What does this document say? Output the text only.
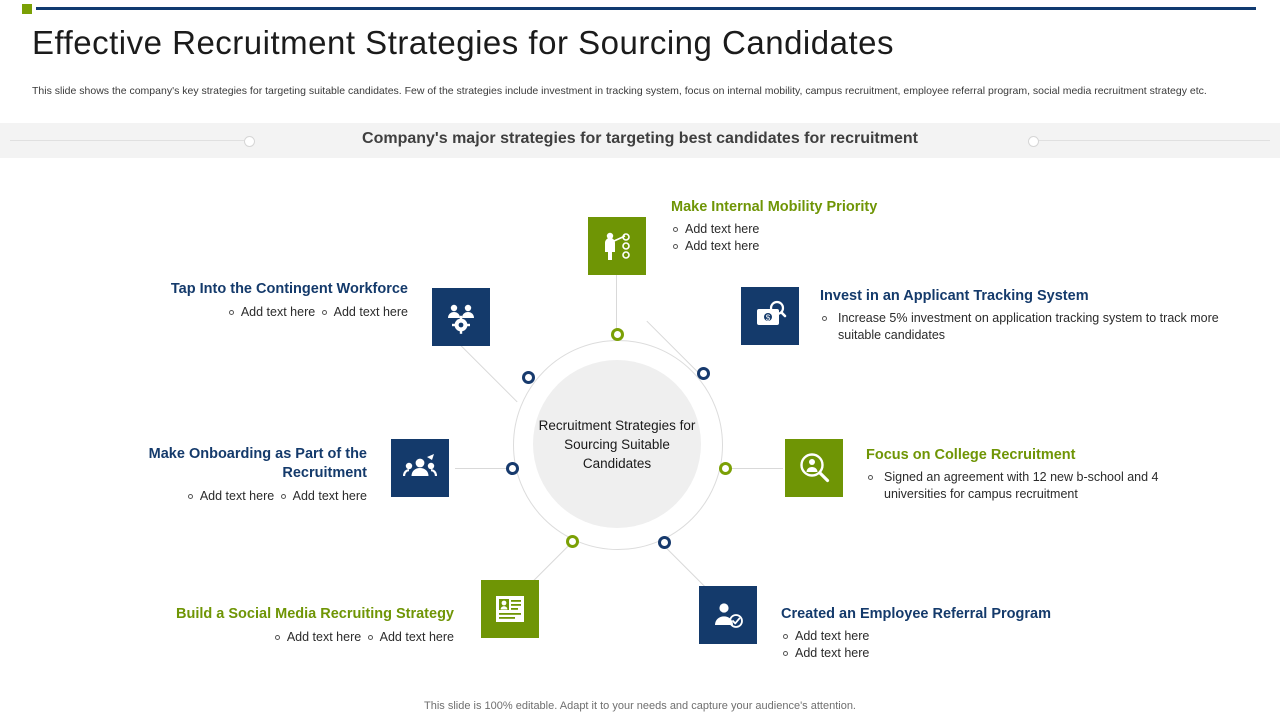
Effective Recruitment Strategies for Sourcing Candidates
This slide shows the company's key strategies for targeting suitable candidates. Few of the strategies include investment in tracking system, focus on internal mobility, campus recruitment, employee referral program, social media recruitment strategy etc.
Company's major strategies for targeting best candidates for recruitment
Recruitment Strategies for Sourcing Suitable Candidates
$
Make Internal Mobility Priority
Add text here
Add text here
Invest in an Applicant Tracking System
Increase 5% investment on application tracking system to track more suitable candidates
Focus on College Recruitment
Signed an agreement with 12 new b-school and 4 universities for campus recruitment
Created an Employee Referral Program
Add text here
Add text here
Build a Social Media Recruiting Strategy
Add text here Add text here
Make Onboarding as Part of the Recruitment
Add text here Add text here
Tap Into the Contingent Workforce
Add text here Add text here
This slide is 100% editable. Adapt it to your needs and capture your audience's attention.
